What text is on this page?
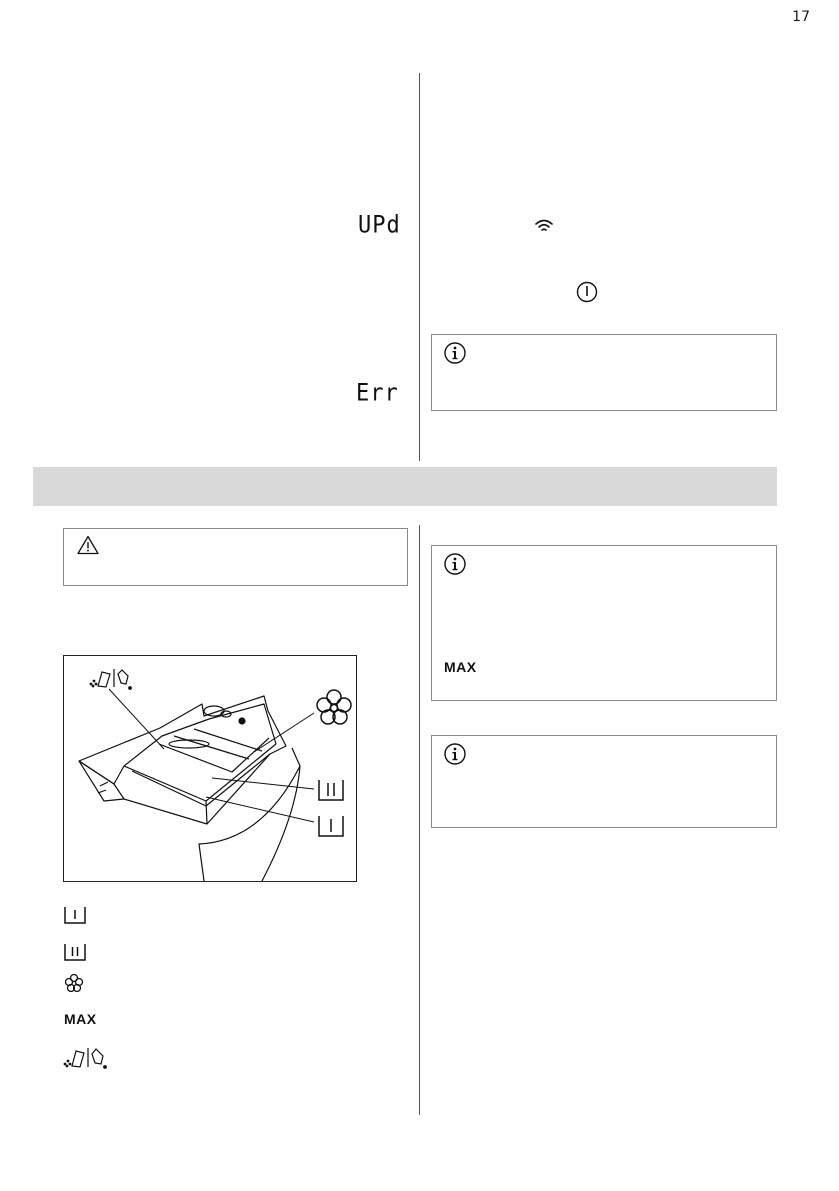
17
UPd
Err
MAX
MAX
